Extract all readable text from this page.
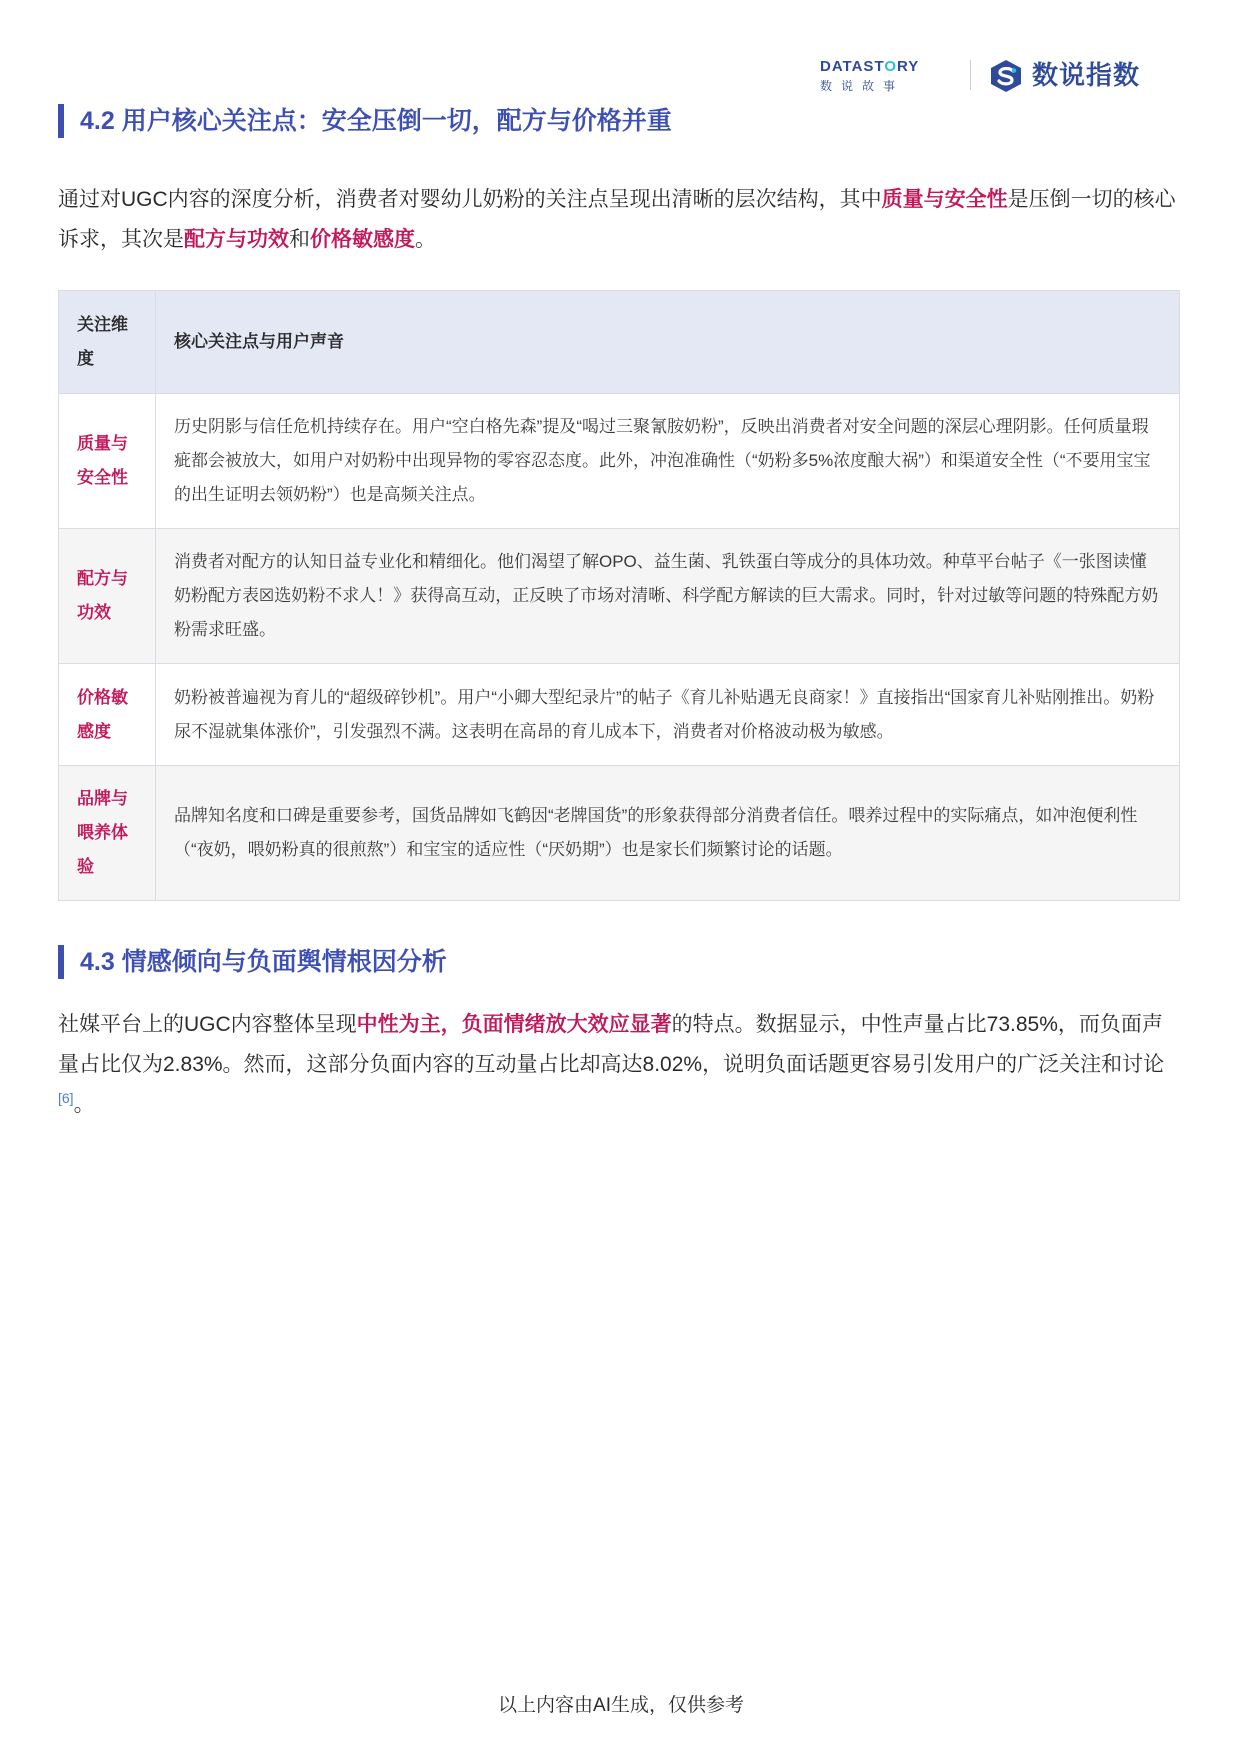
DATASTORY
数说故事	数说指数
4.2 用户核心关注点：安全压倒一切，配方与价格并重

通过对UGC内容的深度分析，消费者对婴幼儿奶粉的关注点呈现出清晰的层次结构，其中质量与安全性是压倒一切的核心诉求，其次是配方与功效和价格敏感度。

关注维度	核心关注点与用户声音
质量与安全性	历史阴影与信任危机持续存在。用户“空白格先森”提及“喝过三聚氰胺奶粉”，反映出消费者对安全问题的深层心理阴影。任何质量瑕疵都会被放大，如用户对奶粉中出现异物的零容忍态度。此外，冲泡准确性（“奶粉多5%浓度酿大祸”）和渠道安全性（“不要用宝宝的出生证明去领奶粉”）也是高频关注点。
配方与功效	消费者对配方的认知日益专业化和精细化。他们渴望了解OPO、益生菌、乳铁蛋白等成分的具体功效。种草平台帖子《一张图读懂奶粉配方表☒选奶粉不求人！》获得高互动，正反映了市场对清晰、科学配方解读的巨大需求。同时，针对过敏等问题的特殊配方奶粉需求旺盛。
价格敏感度	奶粉被普遍视为育儿的“超级碎钞机”。用户“小卿大型纪录片”的帖子《育儿补贴遇无良商家！》直接指出“国家育儿补贴刚推出。奶粉尿不湿就集体涨价”，引发强烈不满。这表明在高昂的育儿成本下，消费者对价格波动极为敏感。
品牌与喂养体验	品牌知名度和口碑是重要参考，国货品牌如飞鹤因“老牌国货”的形象获得部分消费者信任。喂养过程中的实际痛点，如冲泡便利性（“夜奶，喂奶粉真的很煎熬”）和宝宝的适应性（“厌奶期”）也是家长们频繁讨论的话题。
4.3 情感倾向与负面舆情根因分析

社媒平台上的UGC内容整体呈现中性为主，负面情绪放大效应显著的特点。数据显示，中性声量占比73.85%，而负面声量占比仅为2.83%。然而，这部分负面内容的互动量占比却高达8.02%，说明负面话题更容易引发用户的广泛关注和讨论[6]。

以上内容由AI生成，仅供参考
